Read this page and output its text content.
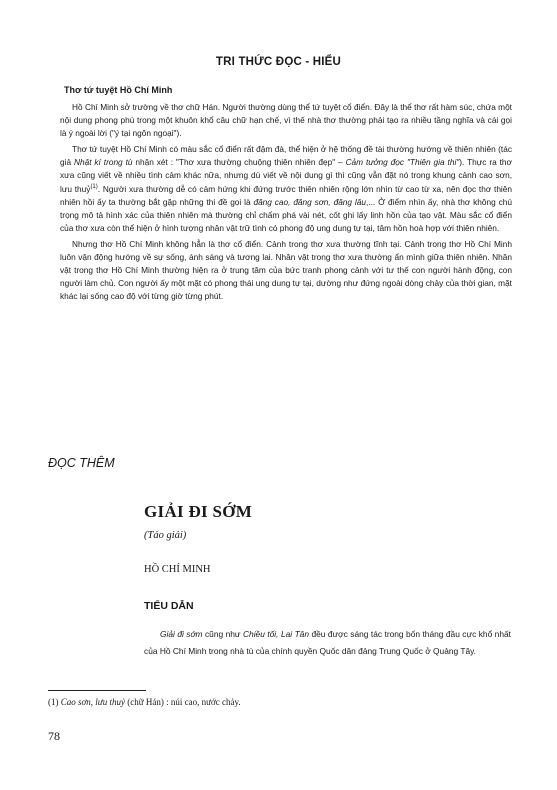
TRI THỨC ĐỌC - HIỂU
Thơ tứ tuyệt Hồ Chí Minh

Hồ Chí Minh sở trường về thơ chữ Hán. Người thường dùng thể tứ tuyệt cổ điển. Đây là thể thơ rất hàm súc, chứa một nội dung phong phú trong một khuôn khổ câu chữ hạn chế, vì thế nhà thơ thường phải tạo ra nhiều tầng nghĩa và cái gọi là ý ngoài lời ("ý tại ngôn ngoại").

Thơ tứ tuyệt Hồ Chí Minh có màu sắc cổ điển rất đậm đà, thể hiện ở hệ thống đề tài thường hướng về thiên nhiên (tác giả Nhật kí trong tù nhận xét : "Thơ xưa thường chuộng thiên nhiên đẹp" – Cảm tưởng đọc "Thiên gia thi"). Thực ra thơ xưa cũng viết về nhiều tình cảm khác nữa, nhưng dù viết về nội dung gì thì cũng vẫn đặt nó trong khung cảnh cao sơn, lưu thuỷ$^{(1)}$. Người xưa thường dễ có cảm hứng khi đứng trước thiên nhiên rộng lớn nhìn từ cao từ xa, nên đọc thơ thiên nhiên hồi ấy ta thường bắt gặp những thi đề gọi là đăng cao, đăng sơn, đăng lâu,... Ở điểm nhìn ấy, nhà thơ không chú trọng mô tả hình xác của thiên nhiên mà thường chỉ chấm phá vài nét, cốt ghi lấy linh hồn của tạo vật. Màu sắc cổ điển của thơ xưa còn thể hiện ở hình tượng nhân vật trữ tình có phong độ ung dung tự tại, tâm hồn hoà hợp với thiên nhiên.

Nhưng thơ Hồ Chí Minh không hẳn là thơ cổ điển. Cảnh trong thơ xưa thường tĩnh tại. Cảnh trong thơ Hồ Chí Minh luôn vận động hướng về sự sống, ánh sáng và tương lai. Nhân vật trong thơ xưa thường ẩn mình giữa thiên nhiên. Nhân vật trong thơ Hồ Chí Minh thường hiện ra ở trung tâm của bức tranh phong cảnh với tư thế con người hành động, con người làm chủ. Con người ấy một mặt có phong thái ung dung tự tại, dường như đứng ngoài dòng chảy của thời gian, mặt khác lại sống cao độ với từng giờ từng phút.

ĐỌC THÊM
GIẢI ĐI SỚM
(Tảo giải)
HỒ CHÍ MINH
TIỂU DẪN

Giải đi sớm cũng như Chiều tối, Lai Tân đều được sáng tác trong bốn tháng đầu cực khổ nhất của Hồ Chí Minh trong nhà tù của chính quyền Quốc dân đảng Trung Quốc ở Quảng Tây.

(1) Cao sơn, lưu thuỷ (chữ Hán) : núi cao, nước chảy.
78
